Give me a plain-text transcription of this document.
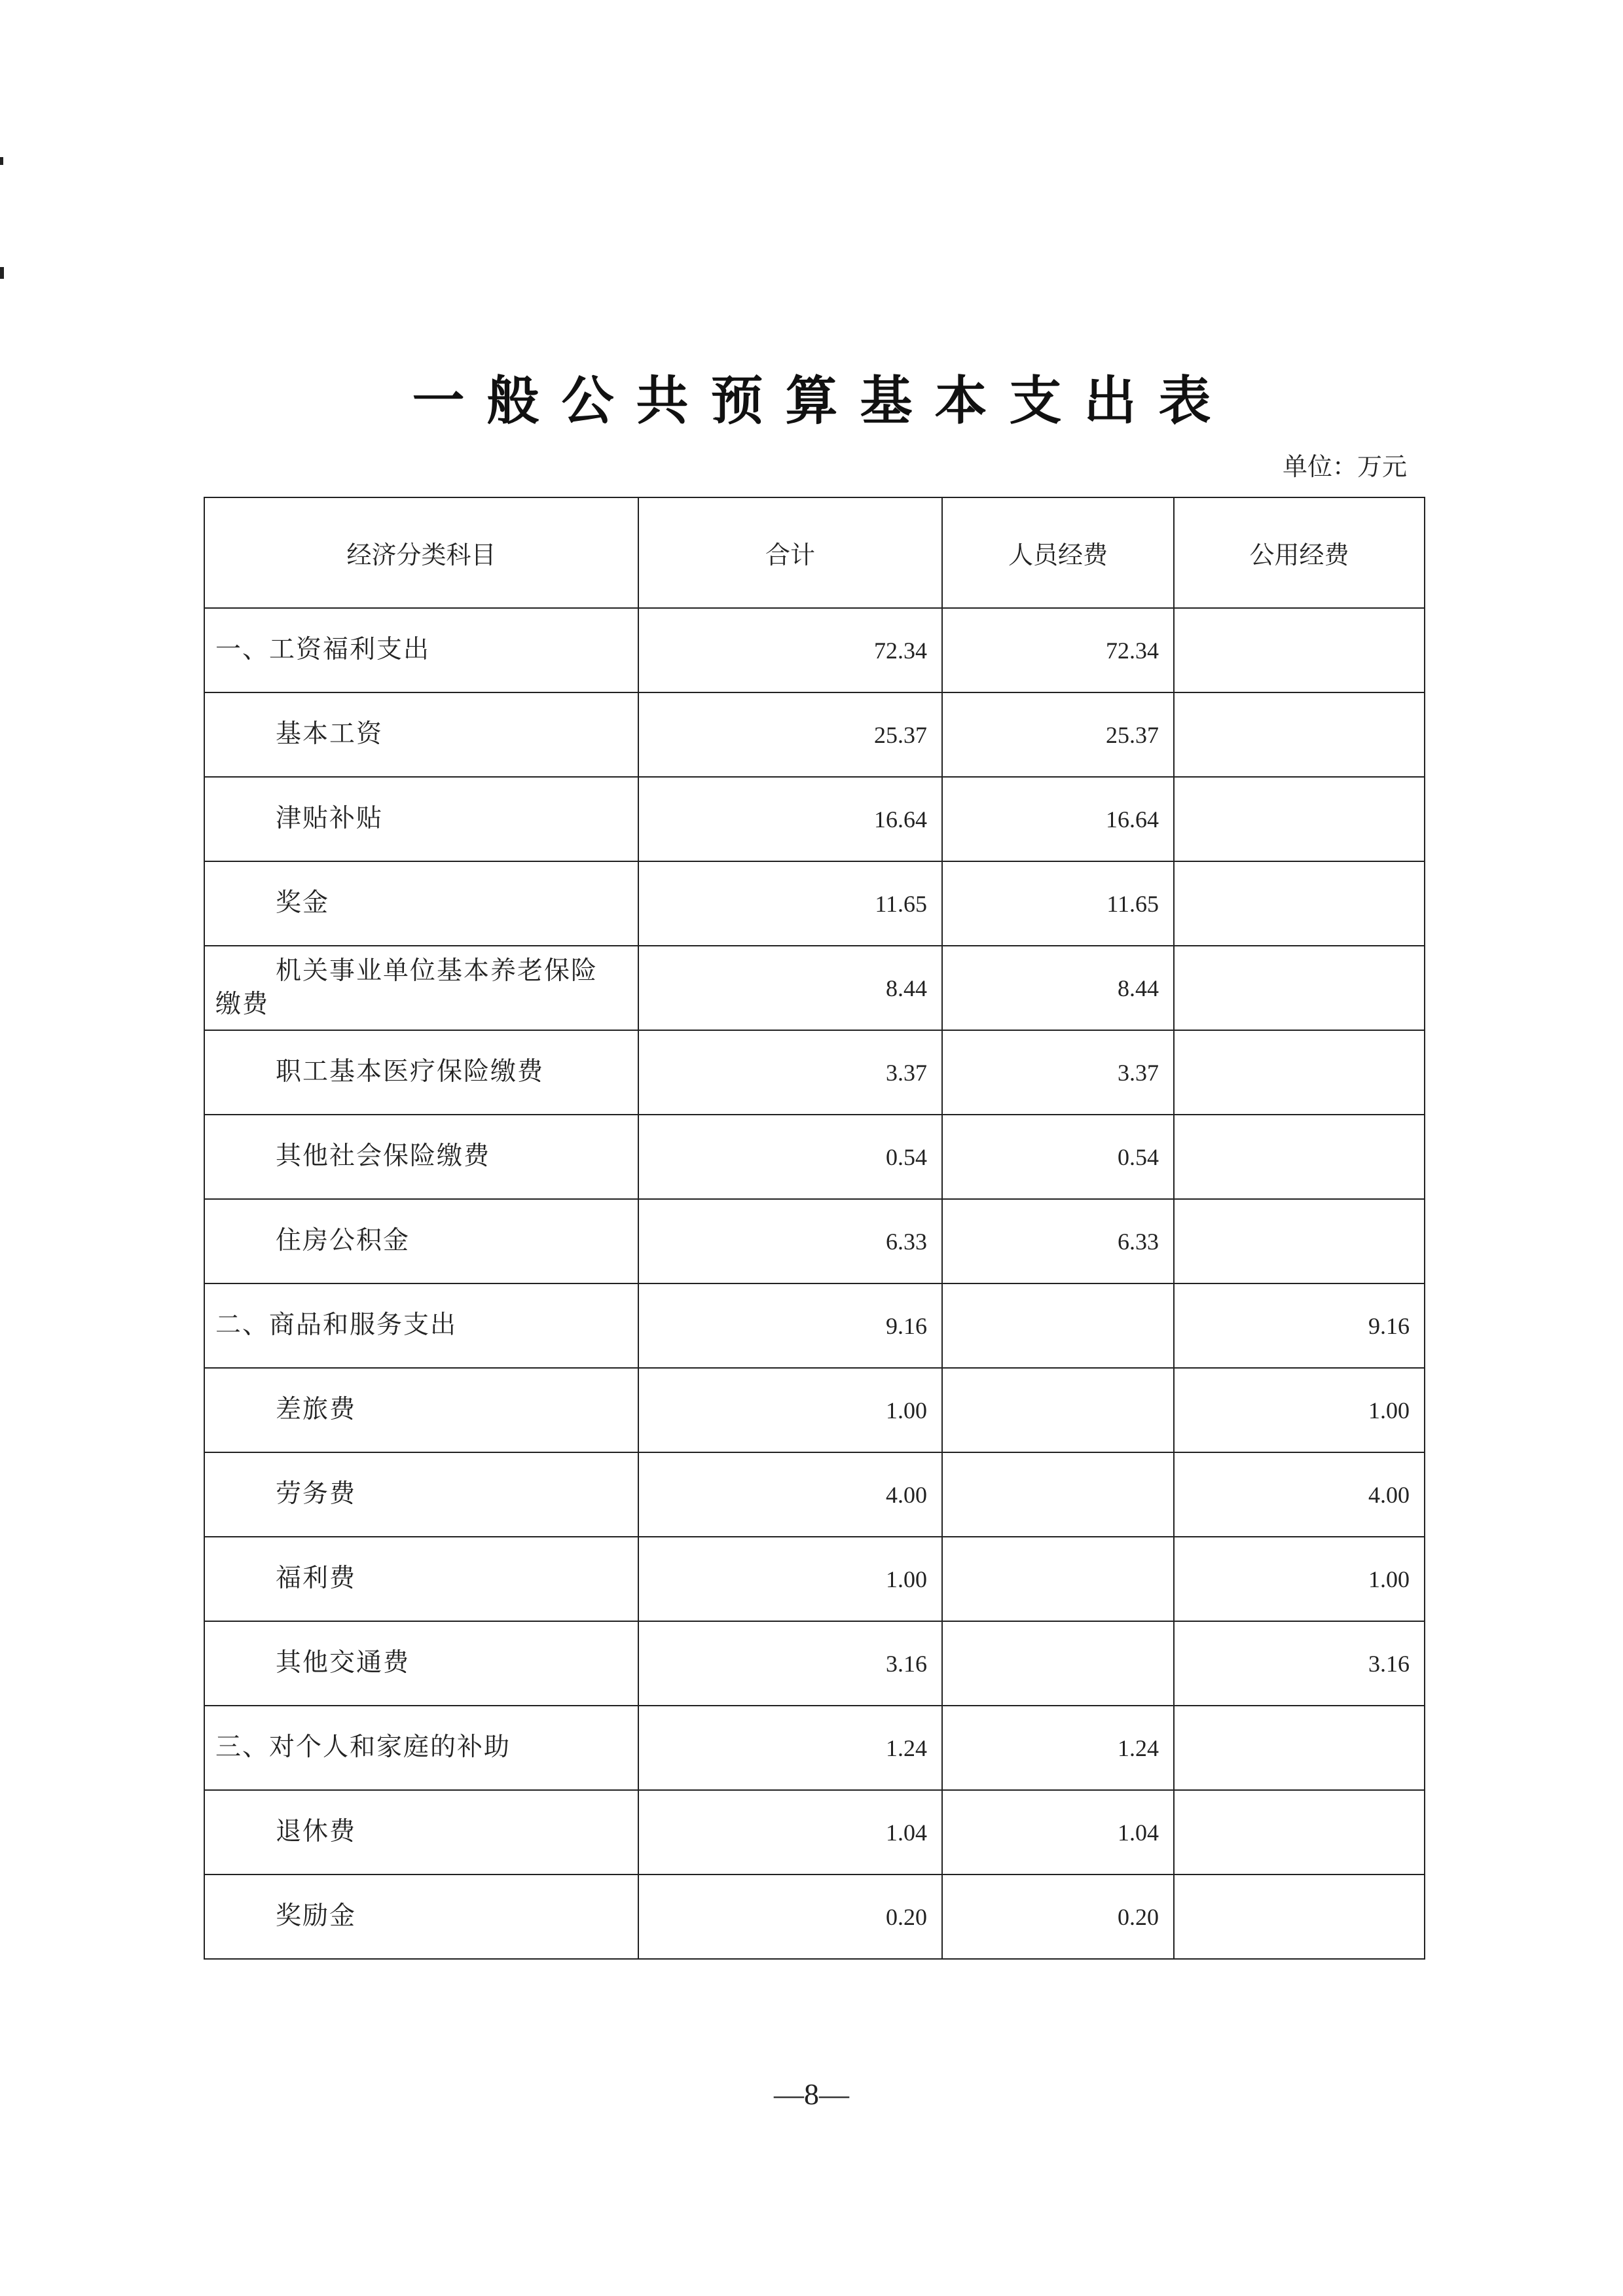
一般公共预算基本支出表
单位：万元
经济分类科目	合计	人员经费	公用经费
一、工资福利支出	72.34	72.34	
基本工资	25.37	25.37	
津贴补贴	16.64	16.64	
奖金	11.65	11.65	
机关事业单位基本养老保险缴费	8.44	8.44	
职工基本医疗保险缴费	3.37	3.37	
其他社会保险缴费	0.54	0.54	
住房公积金	6.33	6.33	
二、商品和服务支出	9.16		9.16
差旅费	1.00		1.00
劳务费	4.00		4.00
福利费	1.00		1.00
其他交通费	3.16		3.16
三、对个人和家庭的补助	1.24	1.24	
退休费	1.04	1.04	
奖励金	0.20	0.20	
—8—
